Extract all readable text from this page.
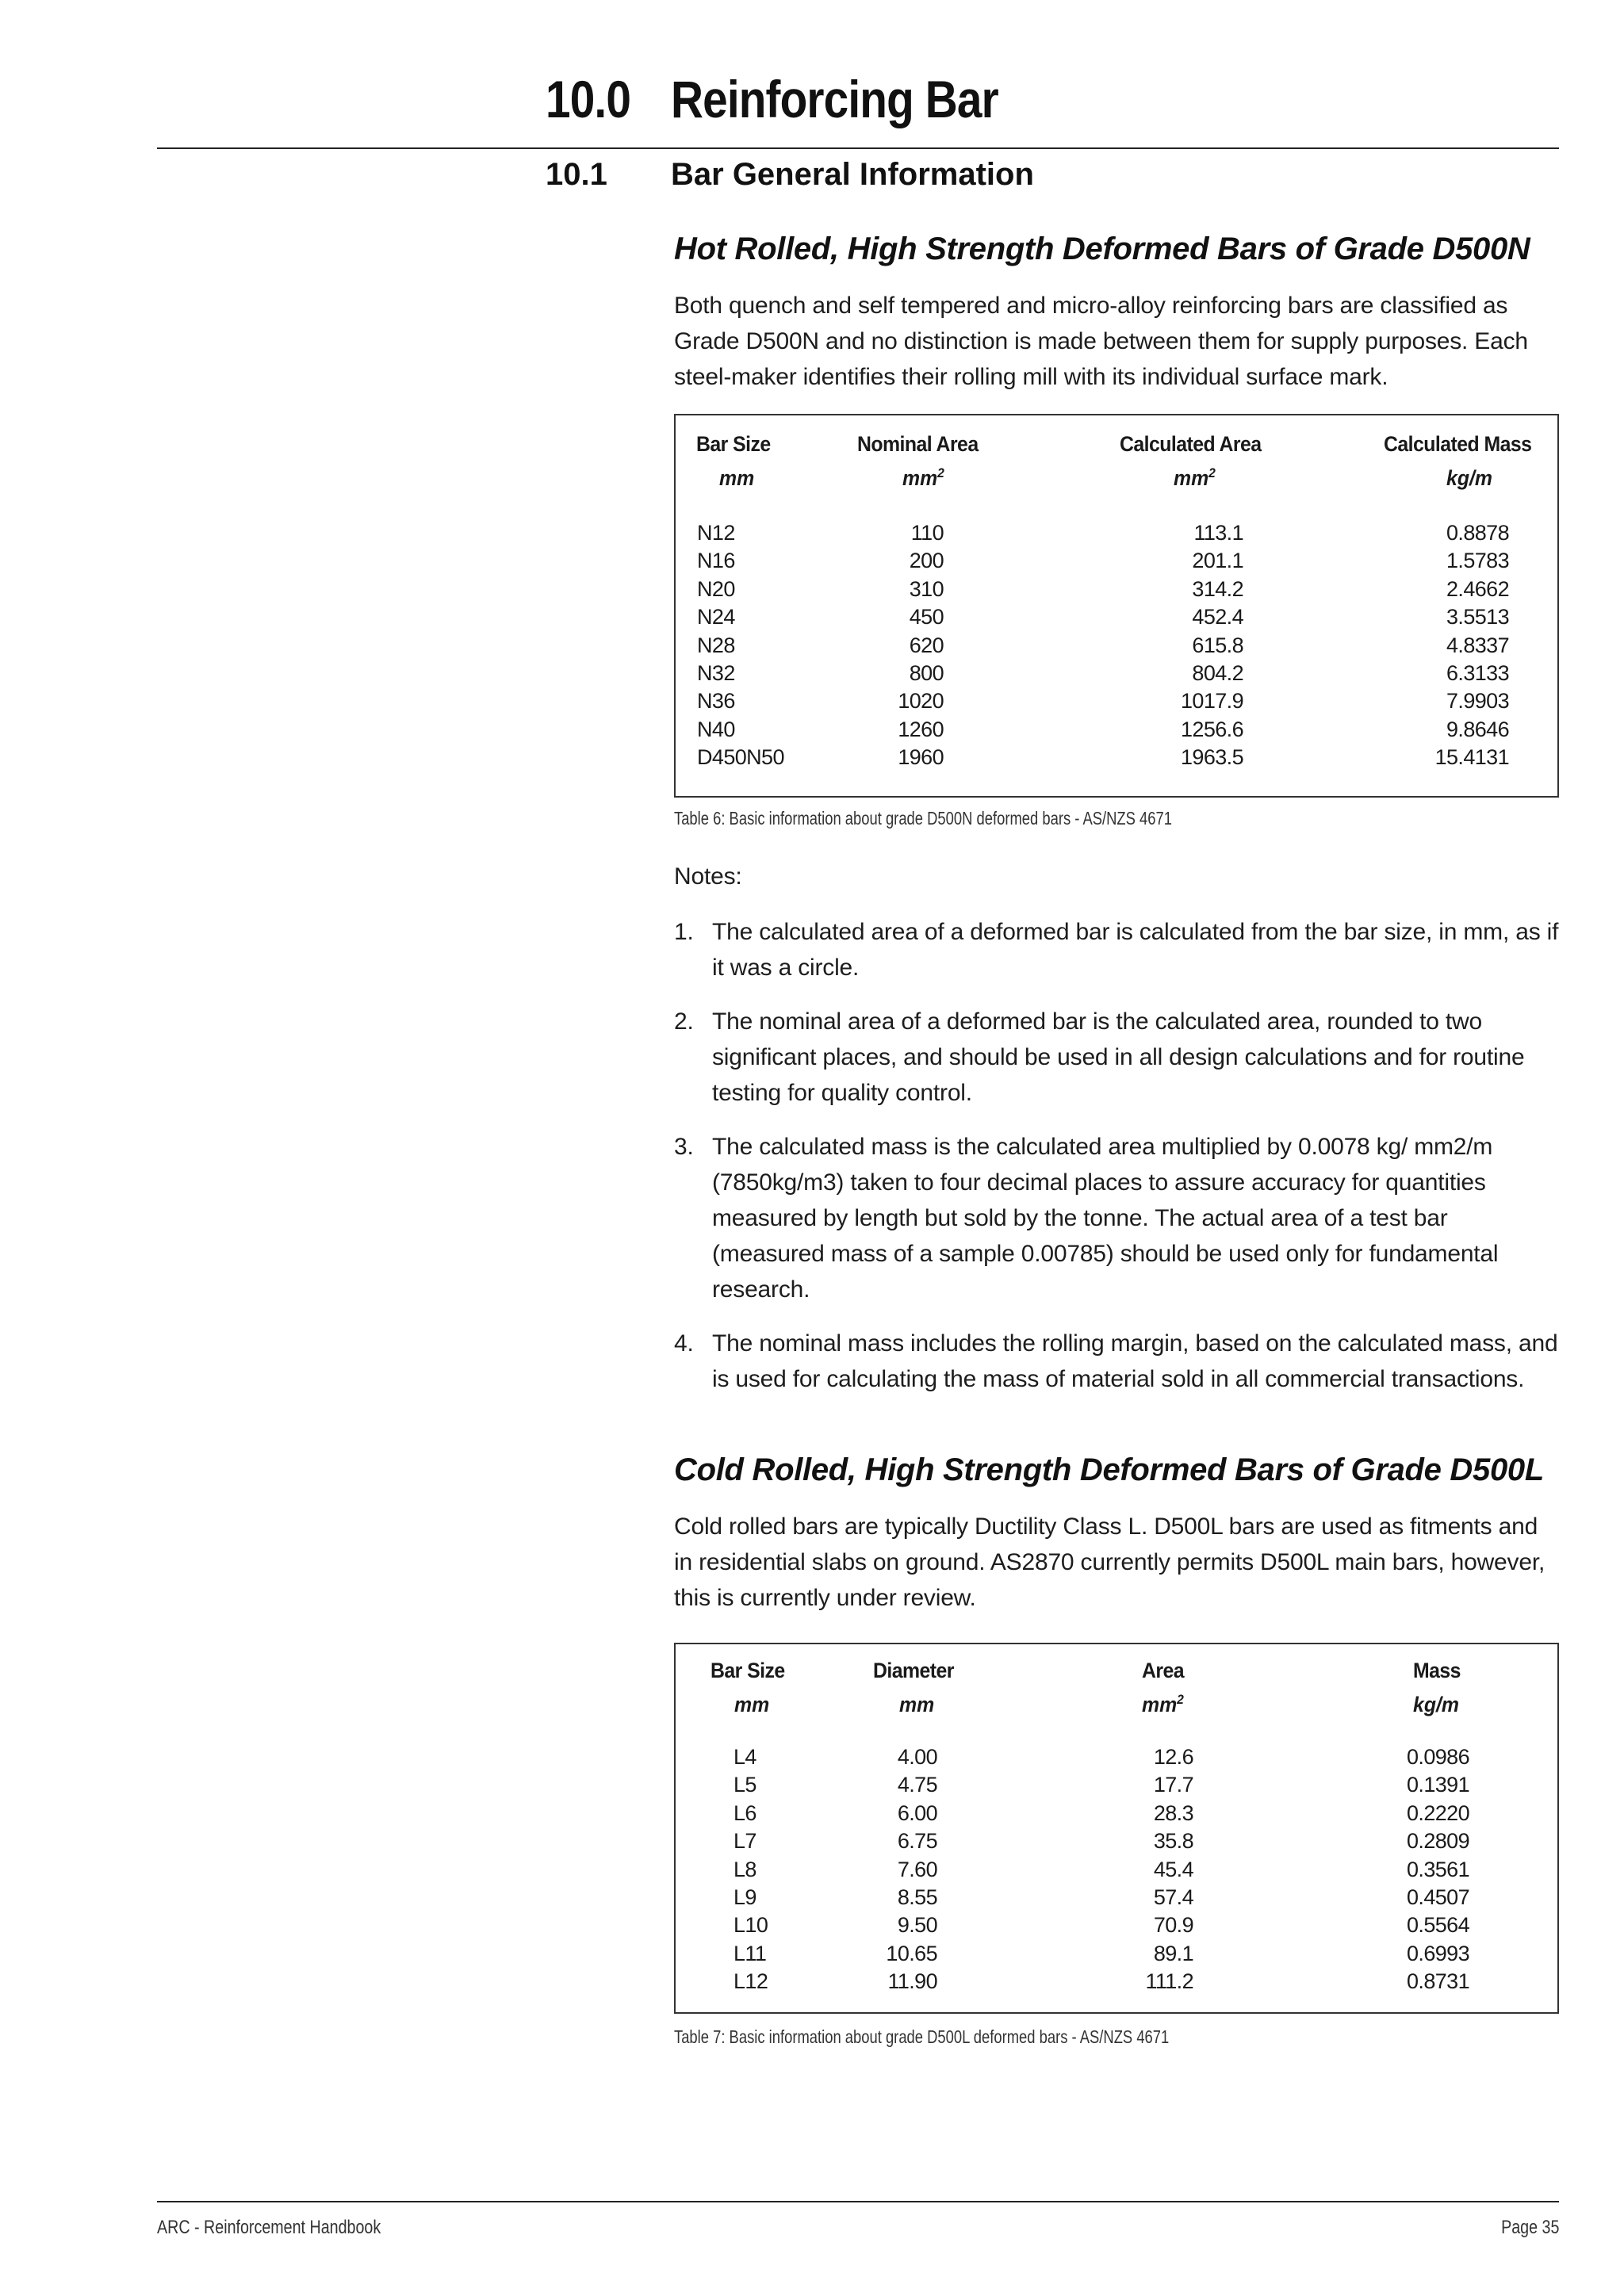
10.0 Reinforcing Bar
10.1 Bar General Information
Hot Rolled, High Strength Deformed Bars of Grade D500N

Both quench and self tempered and micro-alloy reinforcing bars are classified as Grade D500N and no distinction is made between them for supply purposes. Each steel-maker identifies their rolling mill with its individual surface mark.

Bar Size	Nominal Area	Calculated Area	Calculated Mass
mm	$mm^2$	$mm^2$	kg/m
N12	110	113.1	0.8878
N16	200	201.1	1.5783
N20	310	314.2	2.4662
N24	450	452.4	3.5513
N28	620	615.8	4.8337
N32	800	804.2	6.3133
N36	1020	1017.9	7.9903
N40	1260	1256.6	9.8646
D450N50	1960	1963.5	15.4131
Table 6: Basic information about grade D500N deformed bars - AS/NZS 4671
Notes:
1. The calculated area of a deformed bar is calculated from the bar size, in mm, as if it was a circle.
2. The nominal area of a deformed bar is the calculated area, rounded to two significant places, and should be used in all design calculations and for routine testing for quality control.
3. The calculated mass is the calculated area multiplied by 0.0078 kg/ mm2/m (7850kg/m3) taken to four decimal places to assure accuracy for quantities measured by length but sold by the tonne. The actual area of a test bar (measured mass of a sample 0.00785) should be used only for fundamental research.
4. The nominal mass includes the rolling margin, based on the calculated mass, and is used for calculating the mass of material sold in all commercial transactions.
Cold Rolled, High Strength Deformed Bars of Grade D500L

Cold rolled bars are typically Ductility Class L. D500L bars are used as fitments and in residential slabs on ground. AS2870 currently permits D500L main bars, however, this is currently under review.

Bar Size	Diameter	Area	Mass
mm	mm	$mm^2$	kg/m
L4	4.00	12.6	0.0986
L5	4.75	17.7	0.1391
L6	6.00	28.3	0.2220
L7	6.75	35.8	0.2809
L8	7.60	45.4	0.3561
L9	8.55	57.4	0.4507
L10	9.50	70.9	0.5564
L11	10.65	89.1	0.6993
L12	11.90	111.2	0.8731
Table 7: Basic information about grade D500L deformed bars - AS/NZS 4671
ARC - Reinforcement Handbook	Page 35
